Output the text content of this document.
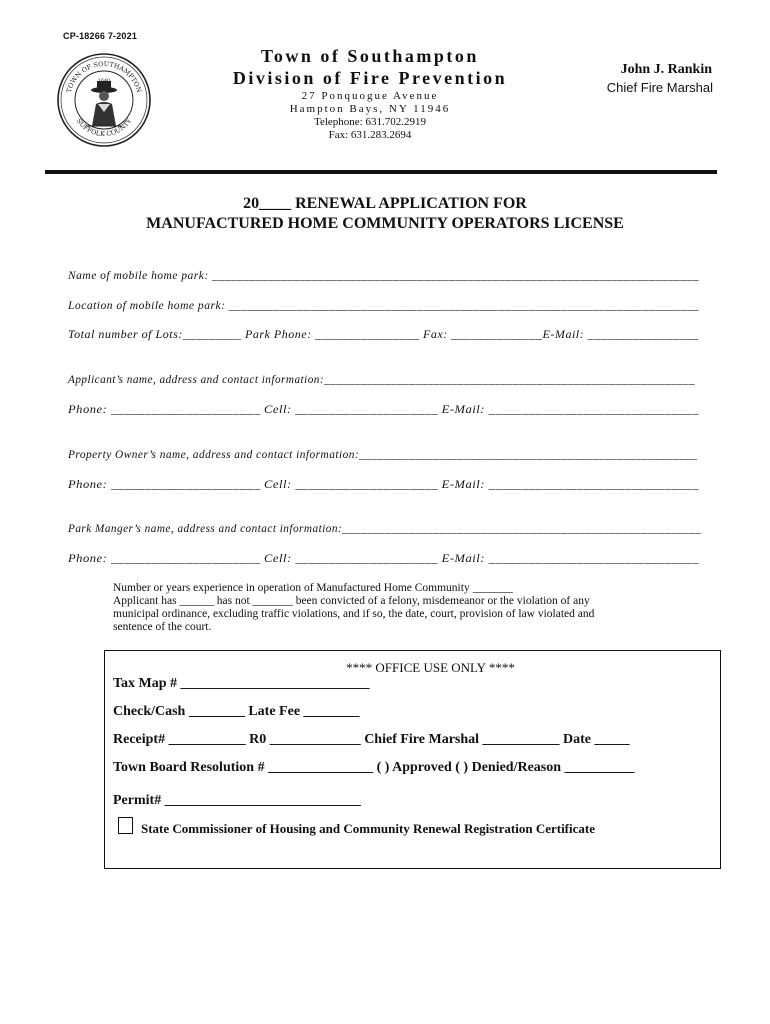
CP-18266 7-2021
TOWN OF SOUTHAMPTON
SUFFOLK COUNTY
Town of Southampton
Division of Fire Prevention
27 Ponquogue Avenue
Hampton Bays, NY 11946
Telephone: 631.702.2919
Fax: 631.283.2694
John J. Rankin
Chief Fire Marshal
20____ RENEWAL APPLICATION FOR
MANUFACTURED HOME COMMUNITY OPERATORS LICENSE
Name of mobile home park: ______________________________________________________________________________
Location of mobile home park: ___________________________________________________________________________
Total number of Lots:_________ Park Phone: ________________ Fax: ______________E-Mail: _________________
Applicant’s name, address and contact information:_____________________________________________________________
Phone: ______________________ Cell: _____________________ E-Mail: _______________________________
Property Owner’s name, address and contact information:_______________________________________________________
Phone: ______________________ Cell: _____________________ E-Mail: _______________________________
Park Manger’s name, address and contact information:___________________________________________________________
Phone: ______________________ Cell: _____________________ E-Mail: _______________________________
Number or years experience in operation of Manufactured Home Community _______
Applicant has ______ has not _______ been convicted of a felony, misdemeanor or the violation of any
municipal ordinance, excluding traffic violations, and if so, the date, court, provision of law violated and
sentence of the court.
**** OFFICE USE ONLY ****
Tax Map # ___________________________
Check/Cash ________ Late Fee ________
Receipt# ___________ R0 _____________ Chief Fire Marshal ___________ Date _____
Town Board Resolution # _______________ ( ) Approved ( ) Denied/Reason __________
Permit# ____________________________
State Commissioner of Housing and Community Renewal Registration Certificate
